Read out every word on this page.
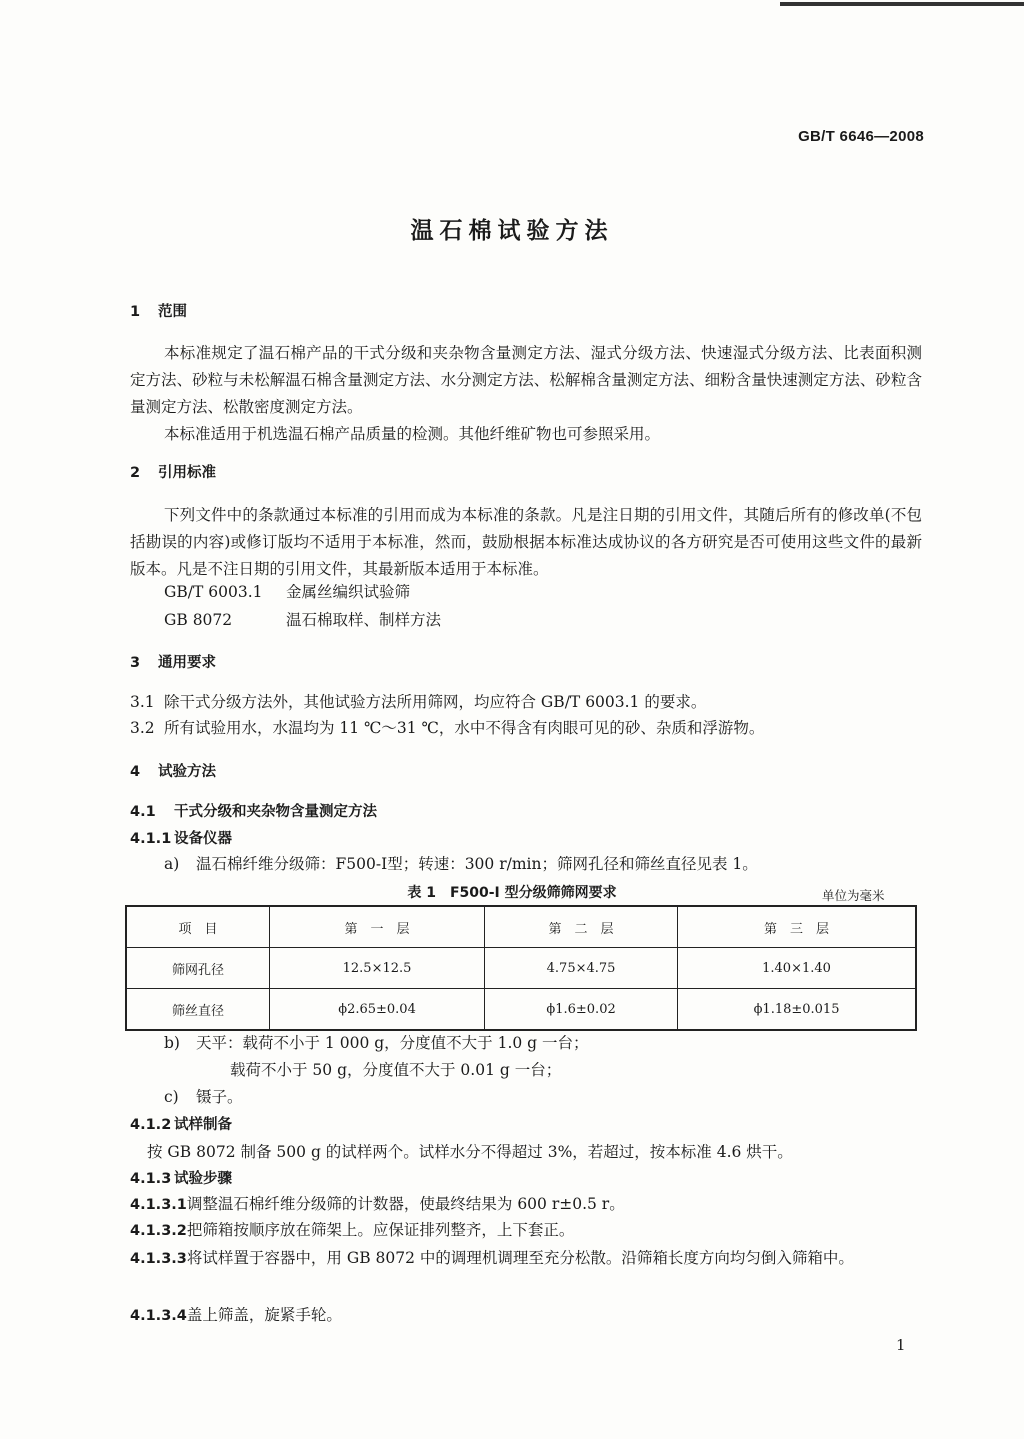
GB/T 6646—2008
温石棉试验方法
1 范围
本标准规定了温石棉产品的干式分级和夹杂物含量测定方法、湿式分级方法、快速湿式分级方法、比表面积测定方法、砂粒与未松解温石棉含量测定方法、水分测定方法、松解棉含量测定方法、细粉含量快速测定方法、砂粒含量测定方法、松散密度测定方法。
本标准适用于机选温石棉产品质量的检测。其他纤维矿物也可参照采用。
2 引用标准
下列文件中的条款通过本标准的引用而成为本标准的条款。凡是注日期的引用文件，其随后所有的修改单(不包括勘误的内容)或修订版均不适用于本标准，然而，鼓励根据本标准达成协议的各方研究是否可使用这些文件的最新版本。凡是不注日期的引用文件，其最新版本适用于本标准。
GB/T 6003.1 金属丝编织试验筛
GB 8072	温石棉取样、制样方法
3 通用要求
3.1 除干式分级方法外，其他试验方法所用筛网，均应符合 GB/T 6003.1 的要求。
3.2 所有试验用水，水温均为 11 ℃～31 ℃，水中不得含有肉眼可见的砂、杂质和浮游物。
4 试验方法
4.1 干式分级和夹杂物含量测定方法
4.1.1 设备仪器
a) 温石棉纤维分级筛：F500-Ⅰ型；转速：300 r/min；筛网孔径和筛丝直径见表 1。
表 1　F500-I 型分级筛筛网要求	单位为毫米
项　目	第　一　层	第　二　层	第　三　层
筛网孔径	12.5×12.5	4.75×4.75	1.40×1.40
筛丝直径	ϕ2.65±0.04	ϕ1.6±0.02	ϕ1.18±0.015
b) 天平：载荷不小于 1 000 g，分度值不大于 1.0 g 一台；
载荷不小于 50 g，分度值不大于 0.01 g 一台；
c) 镊子。
4.1.2 试样制备
按 GB 8072 制备 500 g 的试样两个。试样水分不得超过 3%，若超过，按本标准 4.6 烘干。
4.1.3 试验步骤
4.1.3.1调整温石棉纤维分级筛的计数器，使最终结果为 600 r±0.5 r。
4.1.3.2把筛箱按顺序放在筛架上。应保证排列整齐，上下套正。
4.1.3.3将试样置于容器中，用 GB 8072 中的调理机调理至充分松散。沿筛箱长度方向均匀倒入筛箱中。
4.1.3.4盖上筛盖，旋紧手轮。
1
